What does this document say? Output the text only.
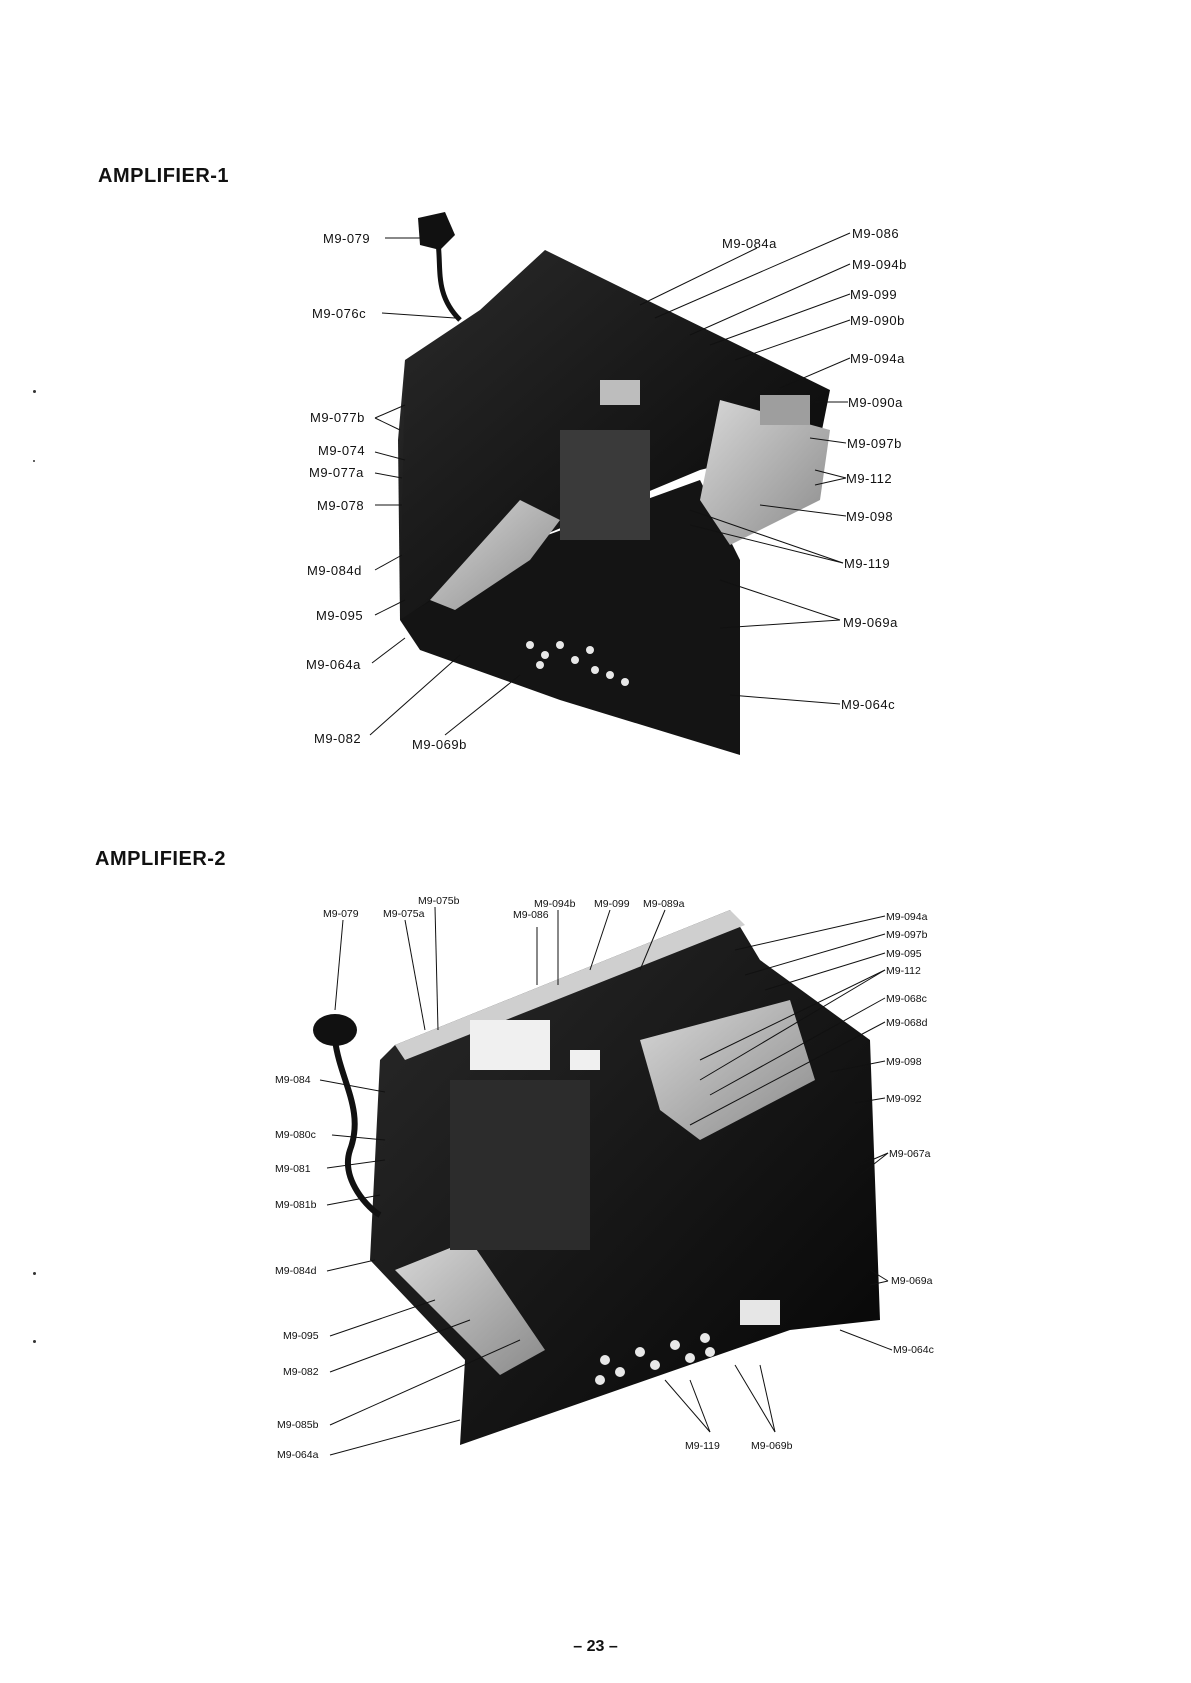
AMPLIFIER-1
AMPLIFIER-2
M9-079	M9-084a
M9-086
M9-094b
M9-076c
M9-099
M9-090b
M9-094a
M9-090a
M9-077b
M9-097b
M9-074
M9-077a	M9-112
M9-078
M9-098
M9-084d	M9-119
M9-095	M9-069a
M9-064a
M9-064c
M9-082	M9-069b
M9-079 M9-075a
M9-075b
M9-086
M9-094b M9-099 M9-089a
M9-094a
M9-097b
M9-095
M9-112
M9-068c
M9-068d
M9-084
M9-098
M9-092
M9-080c
M9-081
M9-067a
M9-081b
M9-084d
M9-069a
M9-095
M9-064c
M9-082
M9-085b
M9-064a
M9-119	M9-069b
– 23 –
